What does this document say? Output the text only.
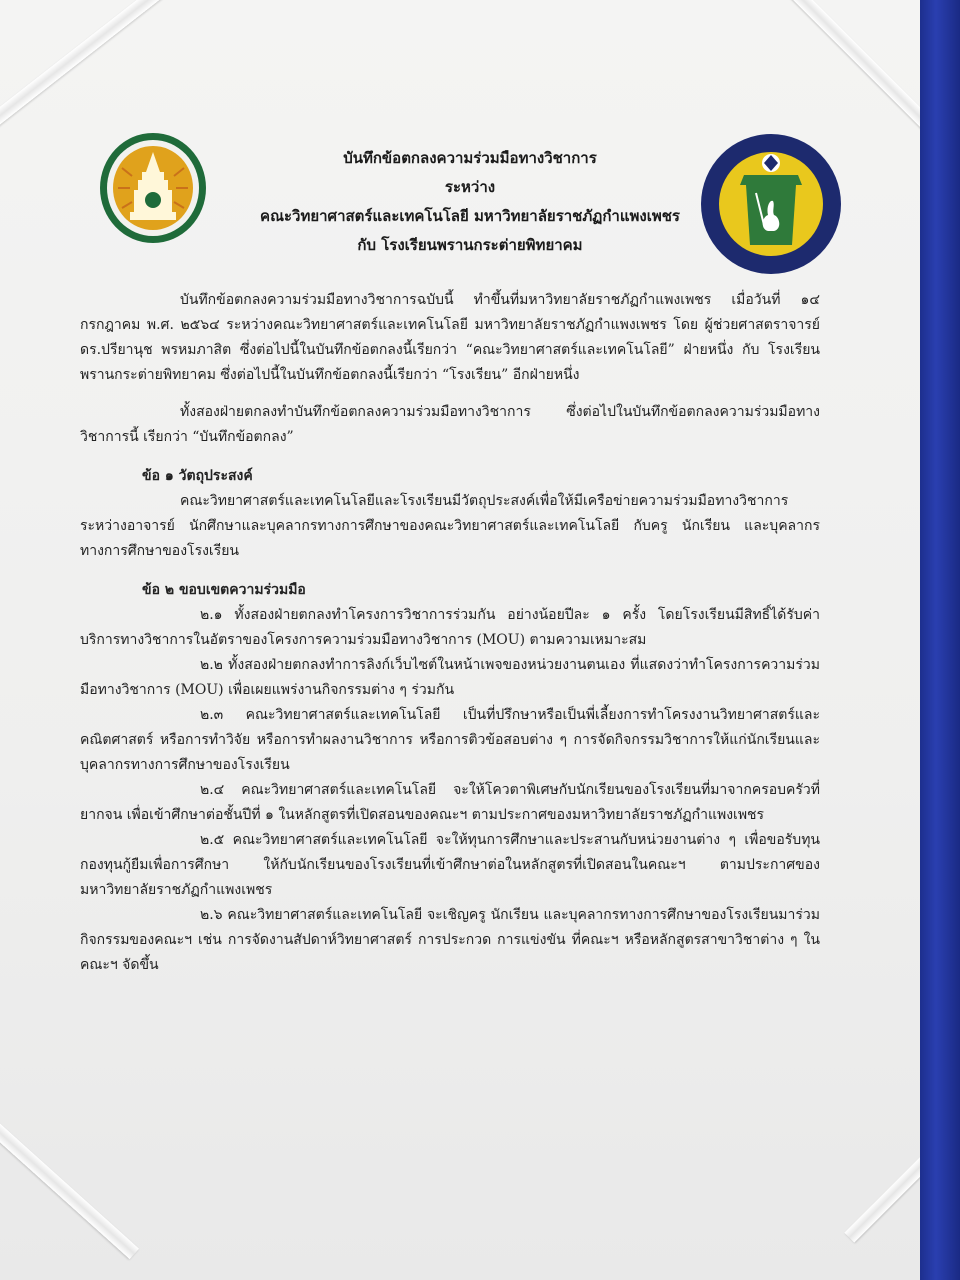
บันทึกข้อตกลงความร่วมมือทางวิชาการ
ระหว่าง
คณะวิทยาศาสตร์และเทคโนโลยี มหาวิทยาลัยราชภัฏกำแพงเพชร
กับ โรงเรียนพรานกระต่ายพิทยาคม

บันทึกข้อตกลงความร่วมมือทางวิชาการฉบับนี้ ทำขึ้นที่มหาวิทยาลัยราชภัฏกำแพงเพชร เมื่อวันที่ ๑๔ กรกฎาคม พ.ศ. ๒๕๖๔ ระหว่างคณะวิทยาศาสตร์และเทคโนโลยี มหาวิทยาลัยราชภัฏกำแพงเพชร โดย ผู้ช่วยศาสตราจารย์ ดร.ปรียานุช พรหมภาสิต ซึ่งต่อไปนี้ในบันทึกข้อตกลงนี้เรียกว่า “คณะวิทยาศาสตร์และเทคโนโลยี” ฝ่ายหนึ่ง กับ โรงเรียนพรานกระต่ายพิทยาคม ซึ่งต่อไปนี้ในบันทึกข้อตกลงนี้เรียกว่า “โรงเรียน” อีกฝ่ายหนึ่ง

ทั้งสองฝ่ายตกลงทำบันทึกข้อตกลงความร่วมมือทางวิชาการ ซึ่งต่อไปในบันทึกข้อตกลงความร่วมมือทางวิชาการนี้ เรียกว่า “บันทึกข้อตกลง”

ข้อ ๑ วัตถุประสงค์

คณะวิทยาศาสตร์และเทคโนโลยีและโรงเรียนมีวัตถุประสงค์เพื่อให้มีเครือข่ายความร่วมมือทางวิชาการ ระหว่างอาจารย์ นักศึกษาและบุคลากรทางการศึกษาของคณะวิทยาศาสตร์และเทคโนโลยี กับครู นักเรียน และบุคลากรทางการศึกษาของโรงเรียน

ข้อ ๒ ขอบเขตความร่วมมือ

๒.๑ ทั้งสองฝ่ายตกลงทำโครงการวิชาการร่วมกัน อย่างน้อยปีละ ๑ ครั้ง โดยโรงเรียนมีสิทธิ์ได้รับค่าบริการทางวิชาการในอัตราของโครงการความร่วมมือทางวิชาการ (MOU) ตามความเหมาะสม

๒.๒ ทั้งสองฝ่ายตกลงทำการลิงก์เว็บไซต์ในหน้าเพจของหน่วยงานตนเอง ที่แสดงว่าทำโครงการความร่วมมือทางวิชาการ (MOU) เพื่อเผยแพร่งานกิจกรรมต่าง ๆ ร่วมกัน

๒.๓ คณะวิทยาศาสตร์และเทคโนโลยี เป็นที่ปรึกษาหรือเป็นพี่เลี้ยงการทำโครงงานวิทยาศาสตร์และคณิตศาสตร์ หรือการทำวิจัย หรือการทำผลงานวิชาการ หรือการติวข้อสอบต่าง ๆ การจัดกิจกรรมวิชาการให้แก่นักเรียนและบุคลากรทางการศึกษาของโรงเรียน

๒.๔ คณะวิทยาศาสตร์และเทคโนโลยี จะให้โควตาพิเศษกับนักเรียนของโรงเรียนที่มาจากครอบครัวที่ยากจน เพื่อเข้าศึกษาต่อชั้นปีที่ ๑ ในหลักสูตรที่เปิดสอนของคณะฯ ตามประกาศของมหาวิทยาลัยราชภัฏกำแพงเพชร

๒.๕ คณะวิทยาศาสตร์และเทคโนโลยี จะให้ทุนการศึกษาและประสานกับหน่วยงานต่าง ๆ เพื่อขอรับทุนกองทุนกู้ยืมเพื่อการศึกษา ให้กับนักเรียนของโรงเรียนที่เข้าศึกษาต่อในหลักสูตรที่เปิดสอนในคณะฯ ตามประกาศของมหาวิทยาลัยราชภัฏกำแพงเพชร

๒.๖ คณะวิทยาศาสตร์และเทคโนโลยี จะเชิญครู นักเรียน และบุคลากรทางการศึกษาของโรงเรียนมาร่วมกิจกรรมของคณะฯ เช่น การจัดงานสัปดาห์วิทยาศาสตร์ การประกวด การแข่งขัน ที่คณะฯ หรือหลักสูตรสาขาวิชาต่าง ๆ ในคณะฯ จัดขึ้น
